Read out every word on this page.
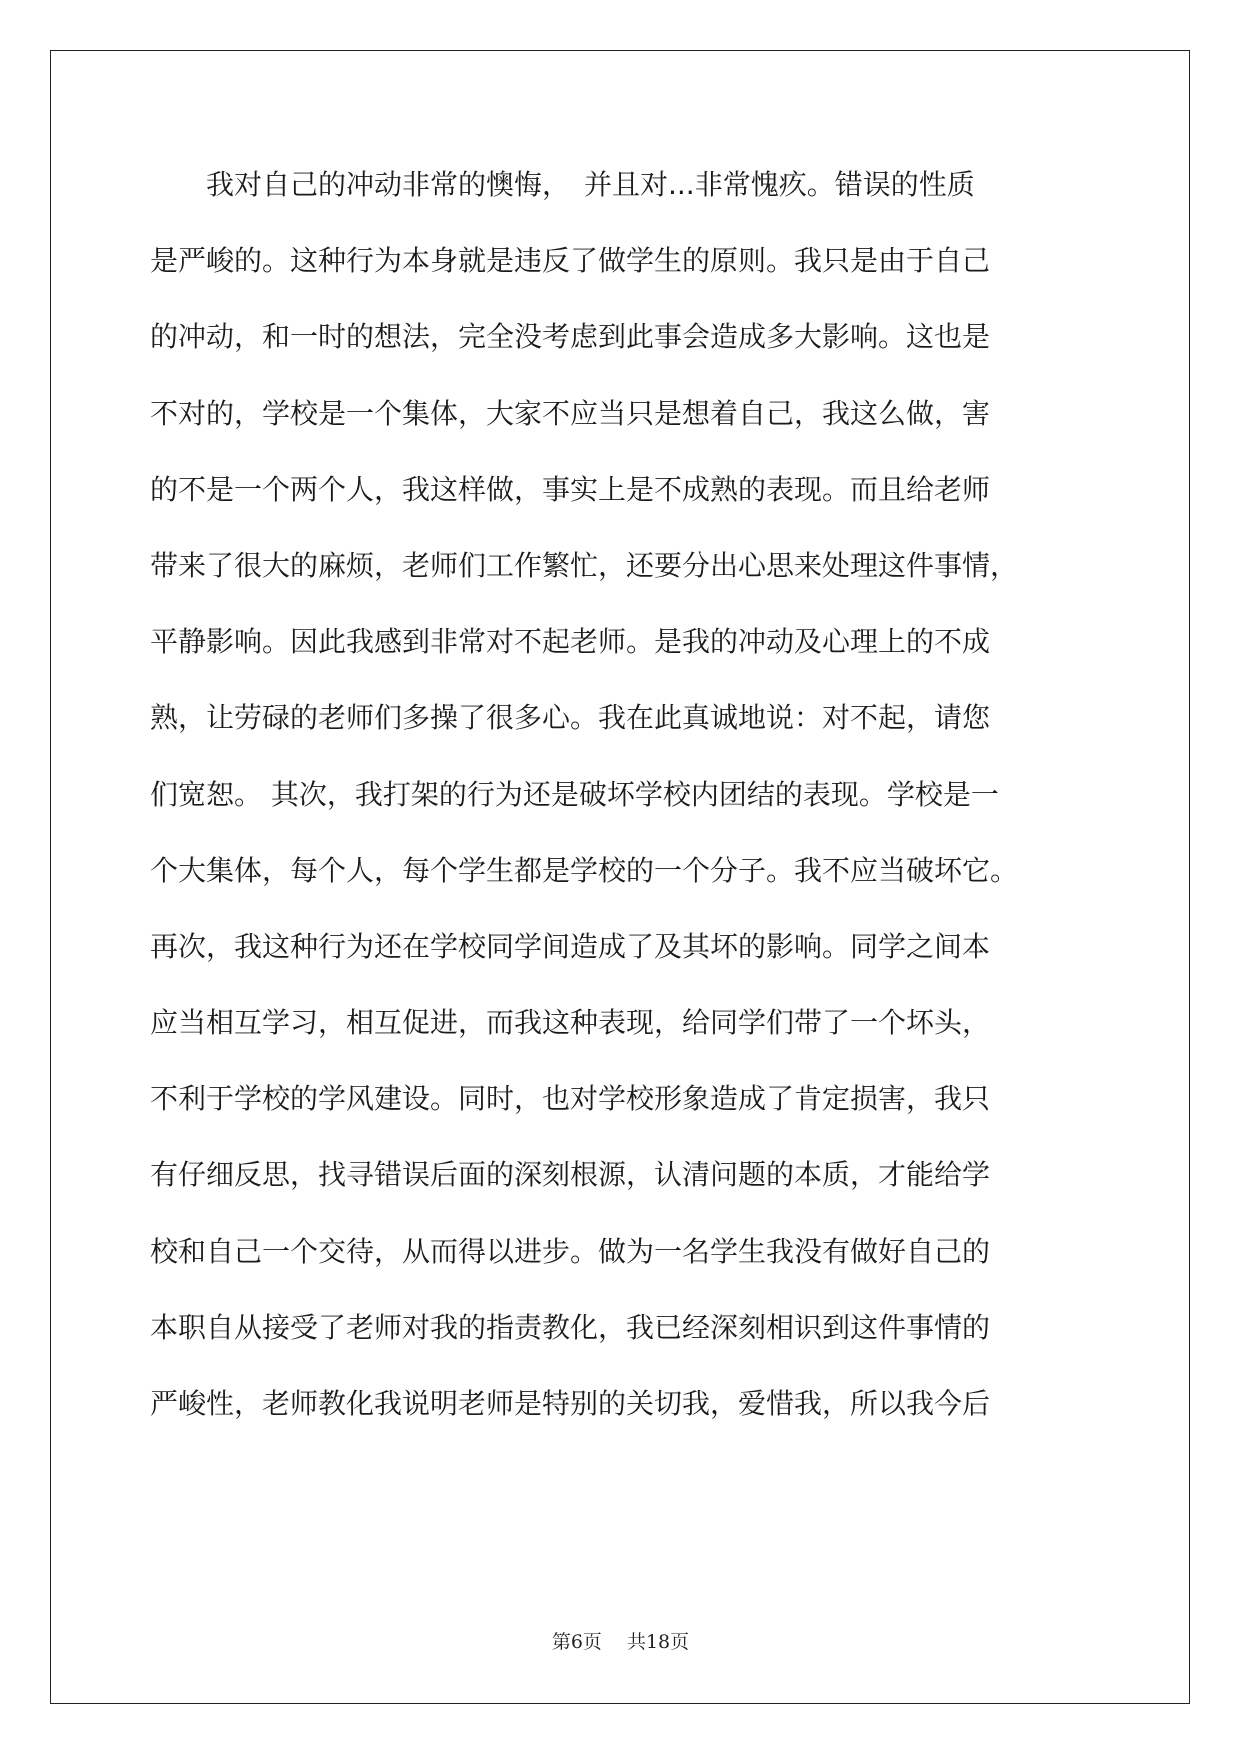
　　我对自己的冲动非常的懊悔，　并且对...非常愧疚。错误的性质
是严峻的。这种行为本身就是违反了做学生的原则。我只是由于自己
的冲动，和一时的想法，完全没考虑到此事会造成多大影响。这也是
不对的，学校是一个集体，大家不应当只是想着自己，我这么做，害
的不是一个两个人，我这样做，事实上是不成熟的表现。而且给老师
带来了很大的麻烦，老师们工作繁忙，还要分出心思来处理这件事情，
平静影响。因此我感到非常对不起老师。是我的冲动及心理上的不成
熟，让劳碌的老师们多操了很多心。我在此真诚地说：对不起，请您
们宽恕。 其次，我打架的行为还是破坏学校内团结的表现。学校是一
个大集体，每个人，每个学生都是学校的一个分子。我不应当破坏它。
再次，我这种行为还在学校同学间造成了及其坏的影响。同学之间本
应当相互学习，相互促进，而我这种表现，给同学们带了一个坏头，
不利于学校的学风建设。同时，也对学校形象造成了肯定损害，我只
有仔细反思，找寻错误后面的深刻根源，认清问题的本质，才能给学
校和自己一个交待，从而得以进步。做为一名学生我没有做好自己的
本职自从接受了老师对我的指责教化，我已经深刻相识到这件事情的
严峻性，老师教化我说明老师是特别的关切我，爱惜我，所以我今后
第6页　 共18页
